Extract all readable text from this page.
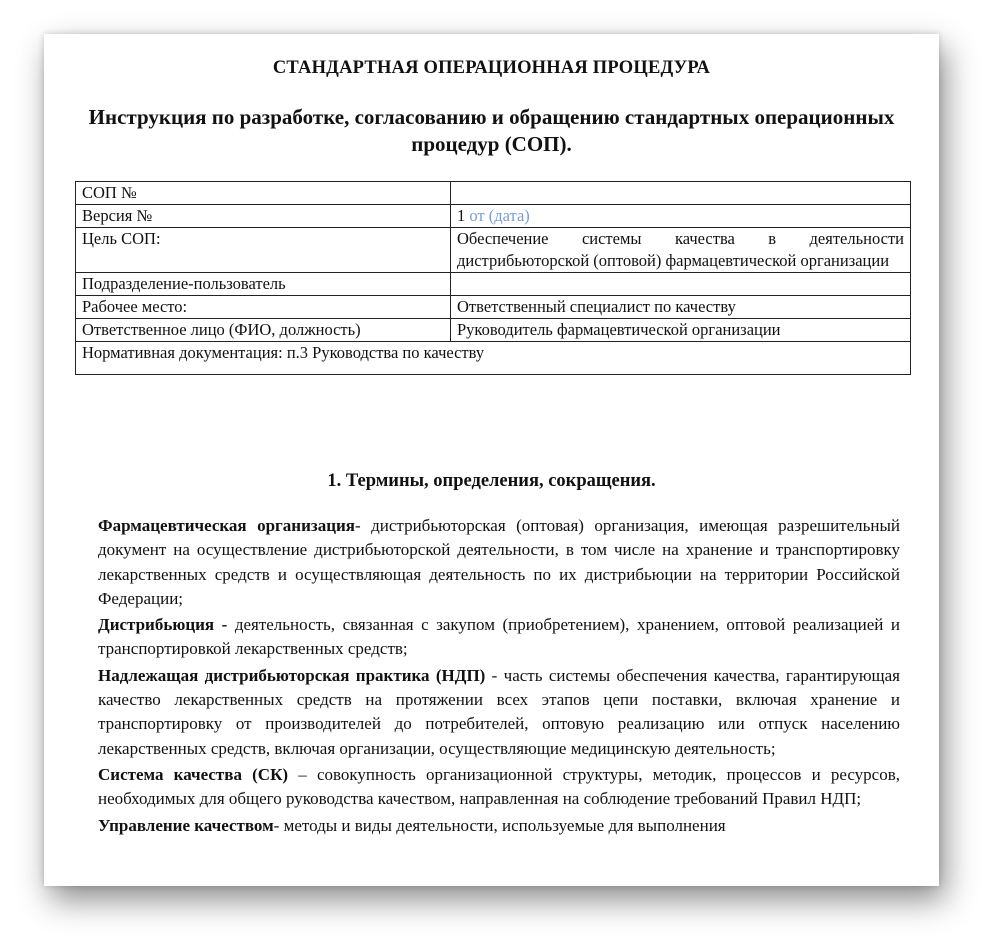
СТАНДАРТНАЯ ОПЕРАЦИОННАЯ ПРОЦЕДУРА
Инструкция по разработке, согласованию и обращению стандартных операционных процедур (СОП).
СОП №	
Версия №	1 от (дата)
Цель СОП:	Обеспечение системы качества в деятельности дистрибьюторской (оптовой) фармацевтической организации
Подразделение-пользователь	
Рабочее место:	Ответственный специалист по качеству
Ответственное лицо (ФИО, должность)	Руководитель фармацевтической организации
Нормативная документация: п.3 Руководства по качеству	
1. Термины, определения, сокращения.

Фармацевтическая организация- дистрибьюторская (оптовая) организация, имеющая разрешительный документ на осуществление дистрибьюторской деятельности, в том числе на хранение и транспортировку лекарственных средств и осуществляющая деятельность по их дистрибьюции на территории Российской Федерации;

Дистрибьюция - деятельность, связанная с закупом (приобретением), хранением, оптовой реализацией и транспортировкой лекарственных средств;

Надлежащая дистрибьюторская практика (НДП) - часть системы обеспечения качества, гарантирующая качество лекарственных средств на протяжении всех этапов цепи поставки, включая хранение и транспортировку от производителей до потребителей, оптовую реализацию или отпуск населению лекарственных средств, включая организации, осуществляющие медицинскую деятельность;

Система качества (СК) – совокупность организационной структуры, методик, процессов и ресурсов, необходимых для общего руководства качеством, направленная на соблюдение требований Правил НДП;

Управление качеством- методы и виды деятельности, используемые для выполнения
